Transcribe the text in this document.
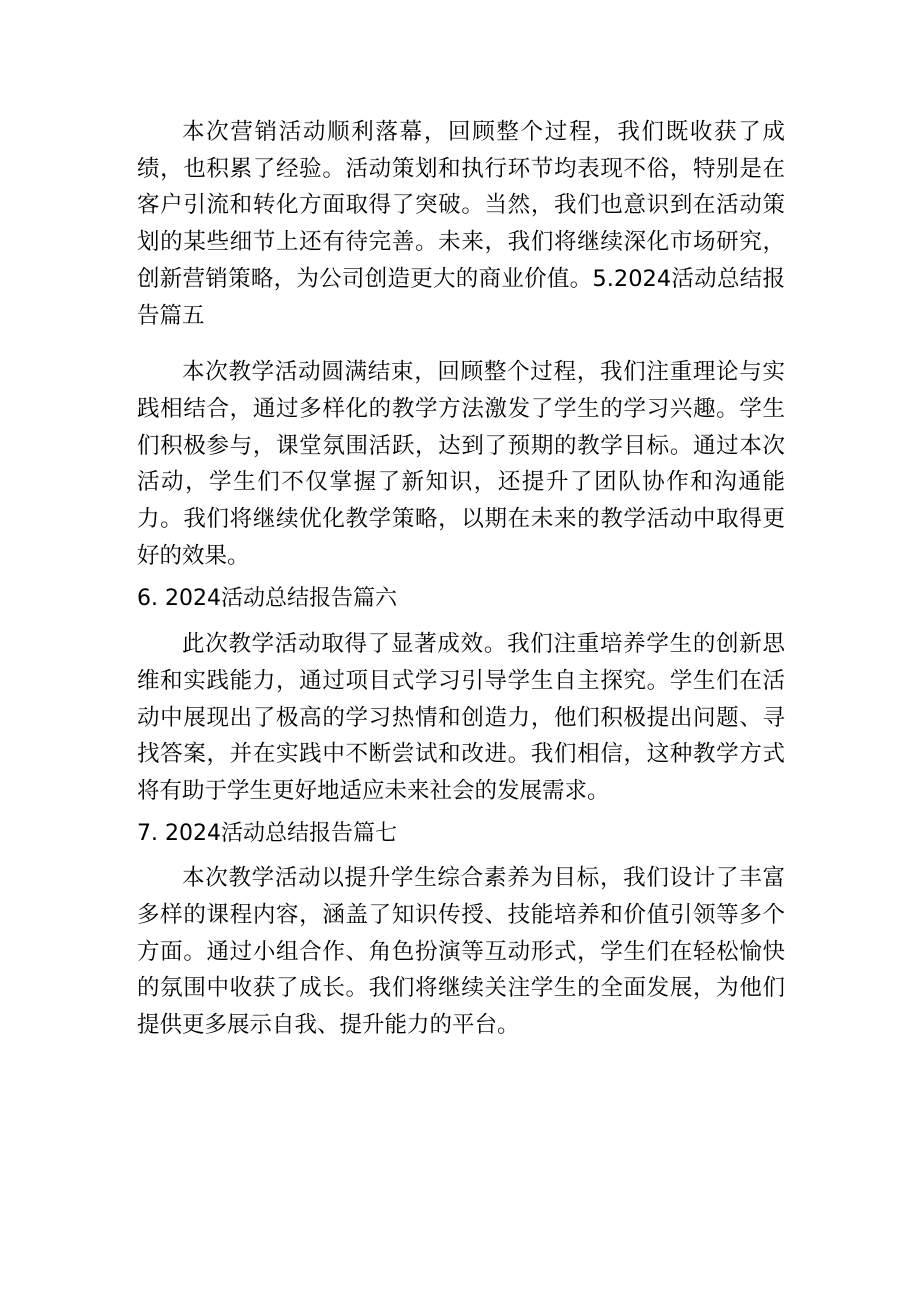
本次营销活动顺利落幕，回顾整个过程，我们既收获了成绩，也积累了经验。活动策划和执行环节均表现不俗，特别是在客户引流和转化方面取得了突破。当然，我们也意识到在活动策划的某些细节上还有待完善。未来，我们将继续深化市场研究，创新营销策略，为公司创造更大的商业价值。5.2024活动总结报告篇五

本次教学活动圆满结束，回顾整个过程，我们注重理论与实践相结合，通过多样化的教学方法激发了学生的学习兴趣。学生们积极参与，课堂氛围活跃，达到了预期的教学目标。通过本次活动，学生们不仅掌握了新知识，还提升了团队协作和沟通能力。我们将继续优化教学策略，以期在未来的教学活动中取得更好的效果。

6. 2024活动总结报告篇六

此次教学活动取得了显著成效。我们注重培养学生的创新思维和实践能力，通过项目式学习引导学生自主探究。学生们在活动中展现出了极高的学习热情和创造力，他们积极提出问题、寻找答案，并在实践中不断尝试和改进。我们相信，这种教学方式将有助于学生更好地适应未来社会的发展需求。

7. 2024活动总结报告篇七

本次教学活动以提升学生综合素养为目标，我们设计了丰富多样的课程内容，涵盖了知识传授、技能培养和价值引领等多个方面。通过小组合作、角色扮演等互动形式，学生们在轻松愉快的氛围中收获了成长。我们将继续关注学生的全面发展，为他们提供更多展示自我、提升能力的平台。
